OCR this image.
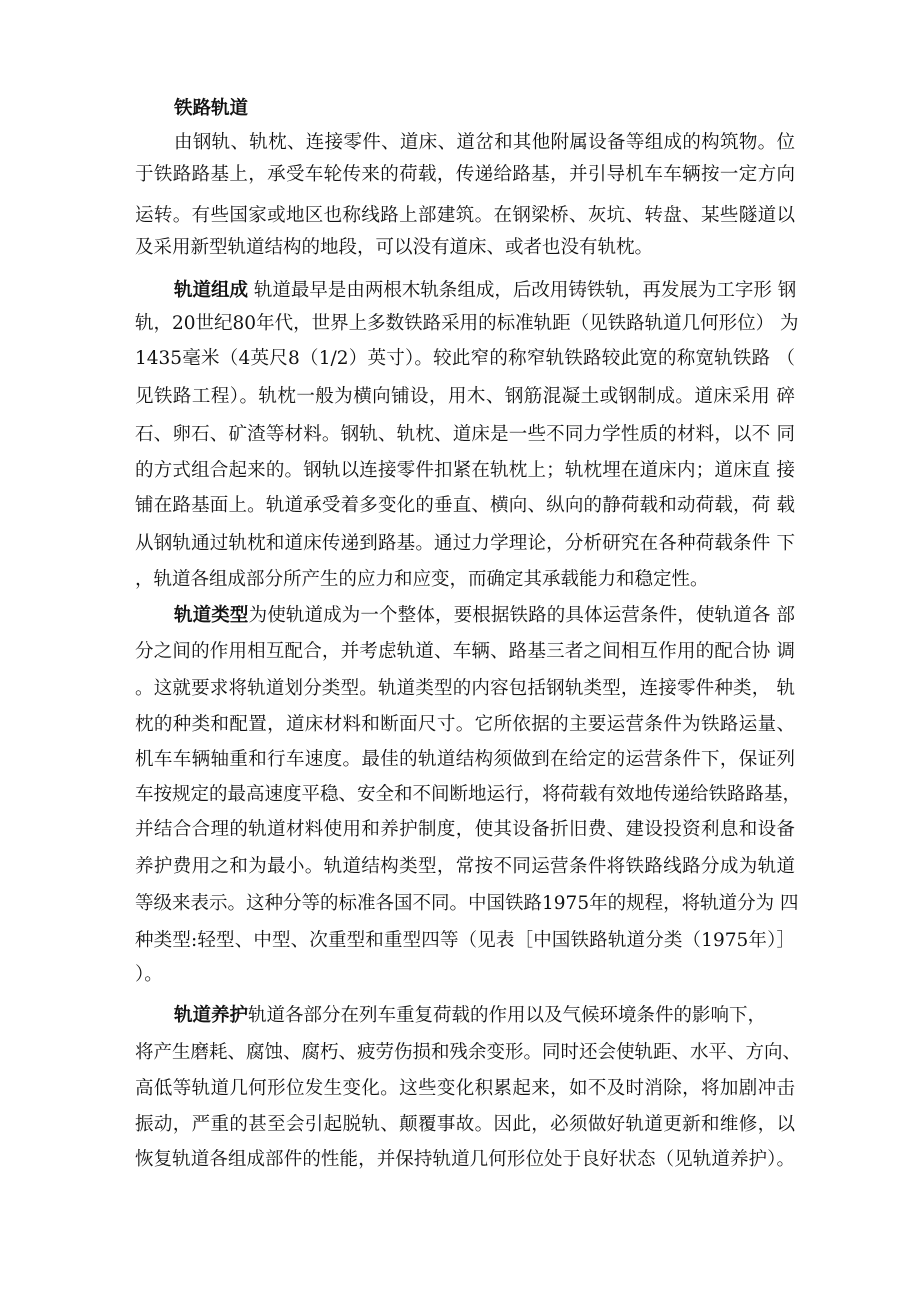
铁路轨道
由钢轨、轨枕、连接零件、道床、道岔和其他附属设备等组成的构筑物。位
于铁路路基上，承受车轮传来的荷载，传递给路基，并引导机车车辆按一定方向
运转。有些国家或地区也称线路上部建筑。在钢梁桥、灰坑、转盘、某些隧道以
及采用新型轨道结构的地段，可以没有道床、或者也没有轨枕。
轨道组成 轨道最早是由两根木轨条组成，后改用铸铁轨，再发展为工字形 钢
轨，20世纪80年代，世界上多数铁路采用的标准轨距（见铁路轨道几何形位） 为
1435毫米（4英尺8（1/2）英寸）。较此窄的称窄轨铁路较此宽的称宽轨铁路 （
见铁路工程）。轨枕一般为横向铺设，用木、钢筋混凝土或钢制成。道床采用 碎
石、卵石、矿渣等材料。钢轨、轨枕、道床是一些不同力学性质的材料，以不 同
的方式组合起来的。钢轨以连接零件扣紧在轨枕上；轨枕埋在道床内；道床直 接
铺在路基面上。轨道承受着多变化的垂直、横向、纵向的静荷载和动荷载，荷 载
从钢轨通过轨枕和道床传递到路基。通过力学理论，分析研究在各种荷载条件 下
，轨道各组成部分所产生的应力和应变，而确定其承载能力和稳定性。
轨道类型为使轨道成为一个整体，要根据铁路的具体运营条件，使轨道各 部
分之间的作用相互配合，并考虑轨道、车辆、路基三者之间相互作用的配合协 调
。这就要求将轨道划分类型。轨道类型的内容包括钢轨类型，连接零件种类， 轨
枕的种类和配置，道床材料和断面尺寸。它所依据的主要运营条件为铁路运量、
机车车辆轴重和行车速度。最佳的轨道结构须做到在给定的运营条件下，保证列
车按规定的最高速度平稳、安全和不间断地运行，将荷载有效地传递给铁路路基，
并结合合理的轨道材料使用和养护制度，使其设备折旧费、建设投资利息和设备
养护费用之和为最小。轨道结构类型，常按不同运营条件将铁路线路分成为轨道
等级来表示。这种分等的标准各国不同。中国铁路1975年的规程，将轨道分为 四
种类型:轻型、中型、次重型和重型四等（见表［中国铁路轨道分类（1975年）］
）。
轨道养护轨道各部分在列车重复荷载的作用以及气候环境条件的影响下，
将产生磨耗、腐蚀、腐朽、疲劳伤损和残余变形。同时还会使轨距、水平、方向、
高低等轨道几何形位发生变化。这些变化积累起来，如不及时消除，将加剧冲击
振动，严重的甚至会引起脱轨、颠覆事故。因此，必须做好轨道更新和维修，以
恢复轨道各组成部件的性能，并保持轨道几何形位处于良好状态（见轨道养护）。
